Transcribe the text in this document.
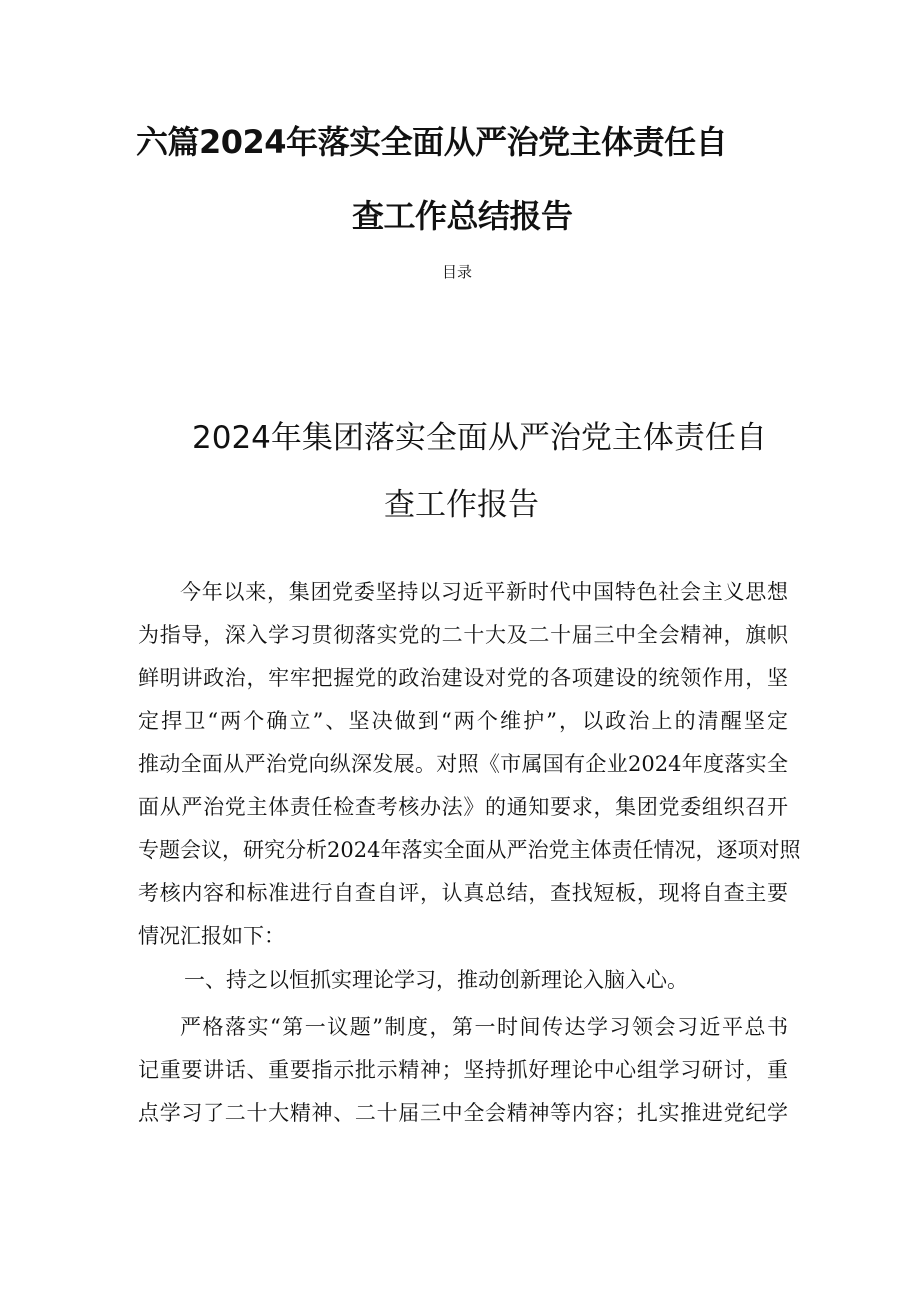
六篇2024年落实全面从严治党主体责任自
查工作总结报告
目录
2024年集团落实全面从严治党主体责任自
查工作报告
今年以来，集团党委坚持以习近平新时代中国特色社会主义思想
为指导，深入学习贯彻落实党的二十大及二十届三中全会精神，旗帜
鲜明讲政治，牢牢把握党的政治建设对党的各项建设的统领作用，坚
定捍卫“两个确立”、坚决做到“两个维护”，以政治上的清醒坚定
推动全面从严治党向纵深发展。对照《市属国有企业2024年度落实全
面从严治党主体责任检查考核办法》的通知要求，集团党委组织召开
专题会议，研究分析2024年落实全面从严治党主体责任情况，逐项对照
考核内容和标准进行自查自评，认真总结，查找短板，现将自查主要
情况汇报如下：
一、持之以恒抓实理论学习，推动创新理论入脑入心。
严格落实“第一议题”制度，第一时间传达学习领会习近平总书
记重要讲话、重要指示批示精神；坚持抓好理论中心组学习研讨，重
点学习了二十大精神、二十届三中全会精神等内容；扎实推进党纪学
